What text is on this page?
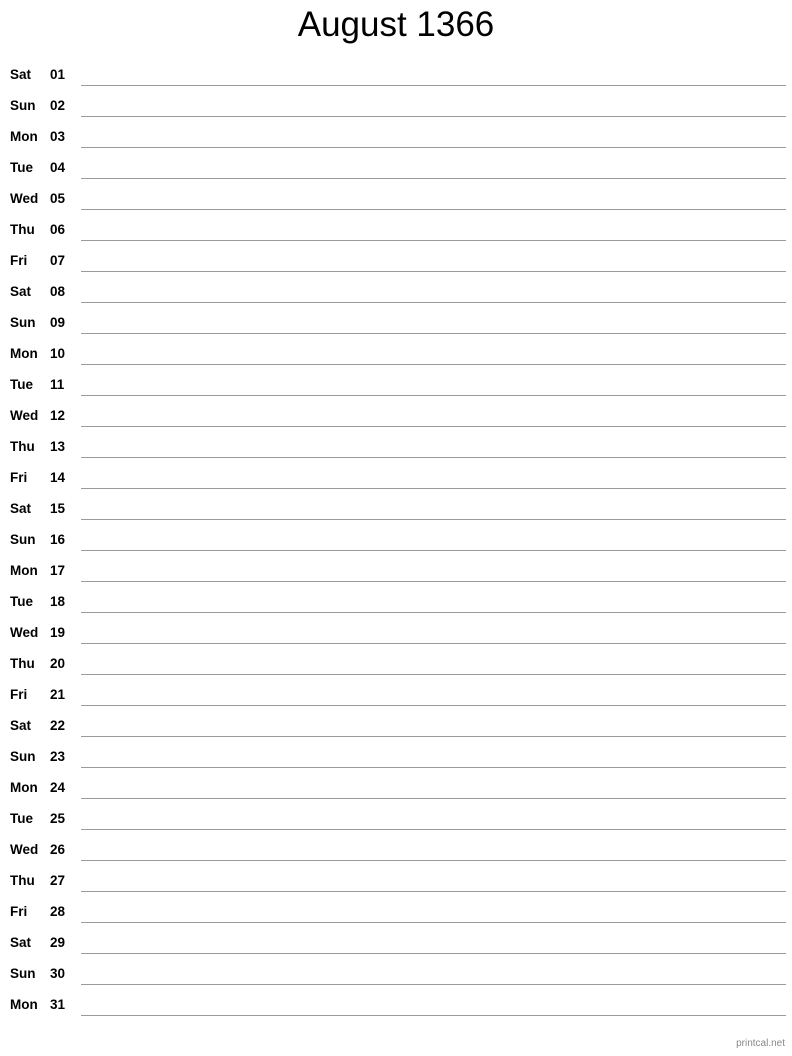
August 1366
Sat 01
Sun 02
Mon 03
Tue 04
Wed 05
Thu 06
Fri 07
Sat 08
Sun 09
Mon 10
Tue 11
Wed 12
Thu 13
Fri 14
Sat 15
Sun 16
Mon 17
Tue 18
Wed 19
Thu 20
Fri 21
Sat 22
Sun 23
Mon 24
Tue 25
Wed 26
Thu 27
Fri 28
Sat 29
Sun 30
Mon 31
printcal.net
